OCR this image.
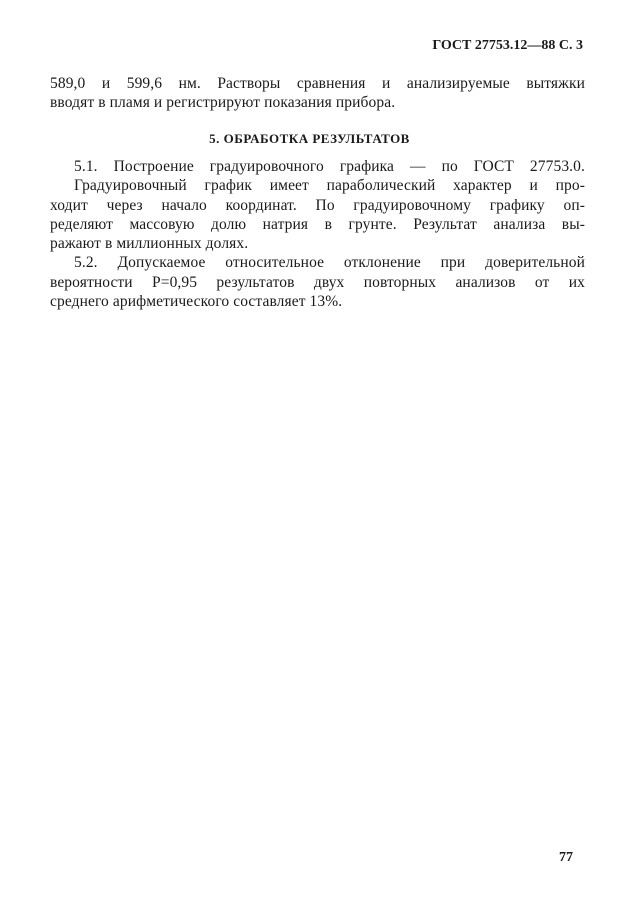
ГОСТ 27753.12—88 С. 3
589,0 и 599,6 нм. Растворы сравнения и анализируемые вытяжки
вводят в пламя и регистрируют показания прибора.
5. ОБРАБОТКА РЕЗУЛЬТАТОВ
5.1. Построение градуировочного графика — по ГОСТ 27753.0.
Градуировочный график имеет параболический характер и про-
ходит через начало координат. По градуировочному графику оп-
ределяют массовую долю натрия в грунте. Результат анализа вы-
ражают в миллионных долях.
5.2. Допускаемое относительное отклонение при доверительной
вероятности P=0,95 результатов двух повторных анализов от их
среднего арифметического составляет 13%.
77
